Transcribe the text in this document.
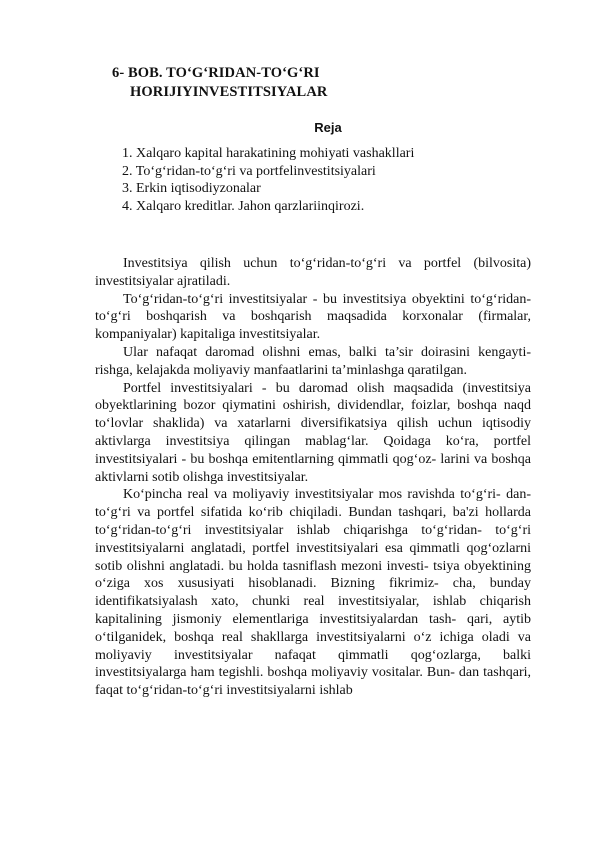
6- BOB. TO‘G‘RIDAN-TO‘G‘RI
HORIJIYINVESTITSIYALAR
Reja
1. Xalqaro kapital harakatining mohiyati vashakllari
2. To‘g‘ridan-to‘g‘ri va portfelinvestitsiyalari
3. Erkin iqtisodiyzonalar
4. Xalqaro kreditlar. Jahon qarzlariinqirozi.

Investitsiya qilish uchun to‘g‘ridan-to‘g‘ri va portfel (bilvosita) investitsiyalar ajratiladi.

To‘g‘ridan-to‘g‘ri investitsiyalar - bu investitsiya obyektini to‘g‘ridan-to‘g‘ri boshqarish va boshqarish maqsadida korxonalar (firmalar, kompaniyalar) kapitaliga investitsiyalar.

Ular nafaqat daromad olishni emas, balki ta’sir doirasini kengayti- rishga, kelajakda moliyaviy manfaatlarini ta’minlashga qaratilgan.

Portfel investitsiyalari - bu daromad olish maqsadida (investitsiya obyektlarining bozor qiymatini oshirish, dividendlar, foizlar, boshqa naqd to‘lovlar shaklida) va xatarlarni diversifikatsiya qilish uchun iqtisodiy aktivlarga investitsiya qilingan mablag‘lar. Qoidaga ko‘ra, portfel investitsiyalari - bu boshqa emitentlarning qimmatli qog‘oz- larini va boshqa aktivlarni sotib olishga investitsiyalar.

Ko‘pincha real va moliyaviy investitsiyalar mos ravishda to‘g‘ri- dan-to‘g‘ri va portfel sifatida ko‘rib chiqiladi. Bundan tashqari, ba'zi hollarda to‘g‘ridan-to‘g‘ri investitsiyalar ishlab chiqarishga to‘g‘ridan- to‘g‘ri investitsiyalarni anglatadi, portfel investitsiyalari esa qimmatli qog‘ozlarni sotib olishni anglatadi. bu holda tasniflash mezoni investi- tsiya obyektining o‘ziga xos xususiyati hisoblanadi. Bizning fikrimiz- cha, bunday identifikatsiyalash xato, chunki real investitsiyalar, ishlab chiqarish kapitalining jismoniy elementlariga investitsiyalardan tash- qari, aytib o‘tilganidek, boshqa real shakllarga investitsiyalarni o‘z ichiga oladi va moliyaviy investitsiyalar nafaqat qimmatli qog‘ozlarga, balki investitsiyalarga ham tegishli. boshqa moliyaviy vositalar. Bun- dan tashqari, faqat to‘g‘ridan-to‘g‘ri investitsiyalarni ishlab
